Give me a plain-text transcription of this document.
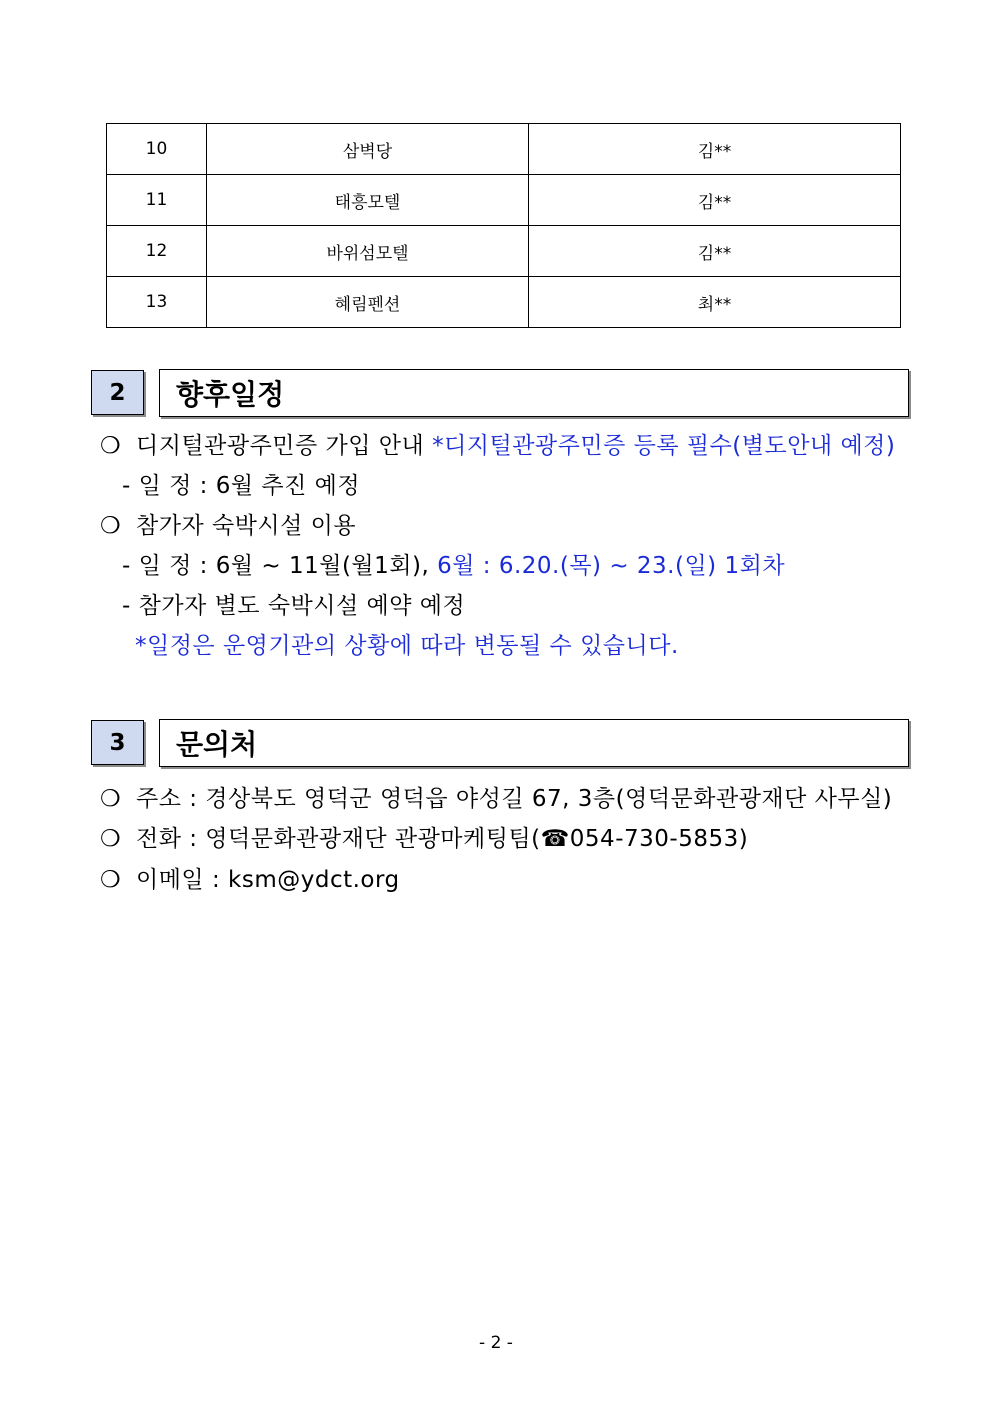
10	삼벽당	김**
11	태흥모텔	김**
12	바위섬모텔	김**
13	혜림펜션	최**
2	향후일정
❍ 디지털관광주민증 가입 안내 *디지털관광주민증 등록 필수(별도안내 예정)
- 일 정 : 6월 추진 예정
❍ 참가자 숙박시설 이용
- 일 정 : 6월 ~ 11월(월1회), 6월 : 6.20.(목) ~ 23.(일) 1회차
- 참가자 별도 숙박시설 예약 예정
*일정은 운영기관의 상황에 따라 변동될 수 있습니다.
3	문의처
❍ 주소 : 경상북도 영덕군 영덕읍 야성길 67, 3층(영덕문화관광재단 사무실)
❍ 전화 : 영덕문화관광재단 관광마케팅팀(☎054-730-5853)
❍ 이메일 : ksm@ydct.org
- 2 -
